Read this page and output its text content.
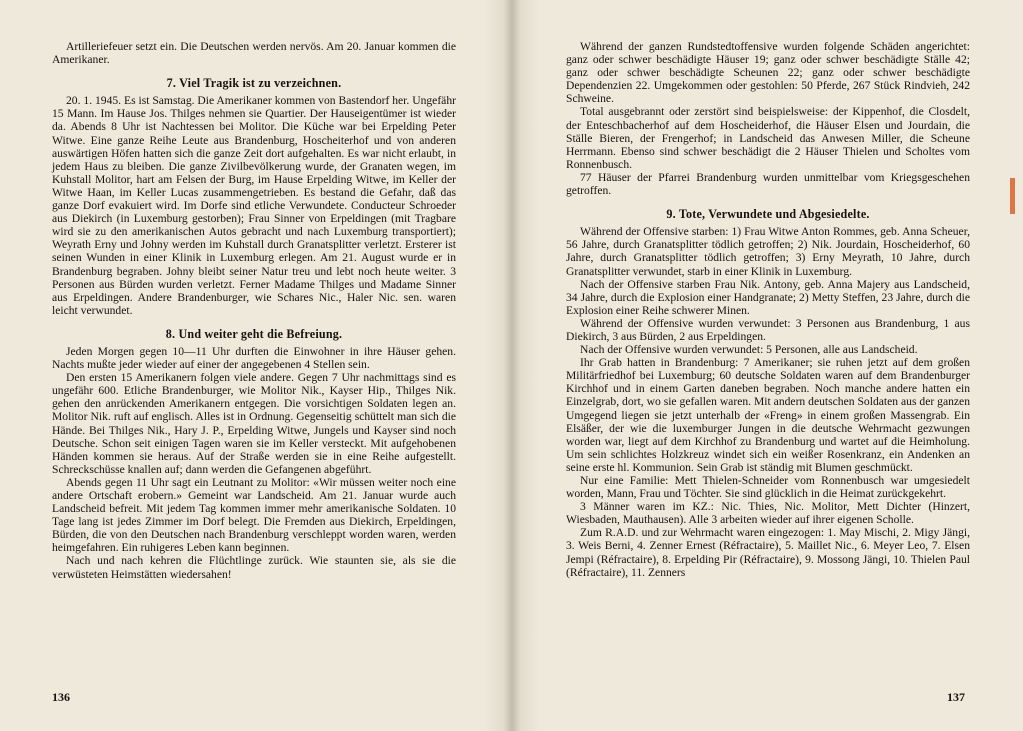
Artilleriefeuer setzt ein. Die Deutschen werden nervös. Am 20. Januar kommen die Amerikaner.

7. Viel Tragik ist zu verzeichnen.

20. 1. 1945. Es ist Samstag. Die Amerikaner kommen von Bastendorf her. Ungefähr 15 Mann. Im Hause Jos. Thilges nehmen sie Quartier. Der Hauseigentümer ist wieder da. Abends 8 Uhr ist Nachtessen bei Molitor. Die Küche war bei Erpelding Peter Witwe. Eine ganze Reihe Leute aus Brandenburg, Hoscheiterhof und von anderen auswärtigen Höfen hatten sich die ganze Zeit dort aufgehalten. Es war nicht erlaubt, in jedem Haus zu bleiben. Die ganze Zivilbevölkerung wurde, der Granaten wegen, im Kuhstall Molitor, hart am Felsen der Burg, im Hause Erpelding Witwe, im Keller der Witwe Haan, im Keller Lucas zusammengetrieben. Es bestand die Gefahr, daß das ganze Dorf evakuiert wird. Im Dorfe sind etliche Verwundete. Conducteur Schroeder aus Diekirch (in Luxemburg gestorben); Frau Sinner von Erpeldingen (mit Tragbare wird sie zu den amerikanischen Autos gebracht und nach Luxemburg transportiert); Weyrath Erny und Johny werden im Kuhstall durch Granatsplitter verletzt. Ersterer ist seinen Wunden in einer Klinik in Luxemburg erlegen. Am 21. August wurde er in Brandenburg begraben. Johny bleibt seiner Natur treu und lebt noch heute weiter. 3 Personen aus Bürden wurden verletzt. Ferner Madame Thilges und Madame Sinner aus Erpeldingen. Andere Brandenburger, wie Schares Nic., Haler Nic. sen. waren leicht verwundet.

8. Und weiter geht die Befreiung.

Jeden Morgen gegen 10—11 Uhr durften die Einwohner in ihre Häuser gehen. Nachts mußte jeder wieder auf einer der angegebenen 4 Stellen sein.

Den ersten 15 Amerikanern folgen viele andere. Gegen 7 Uhr nachmittags sind es ungefähr 600. Etliche Brandenburger, wie Molitor Nik., Kayser Hip., Thilges Nik. gehen den anrückenden Amerikanern entgegen. Die vorsichtigen Soldaten legen an. Molitor Nik. ruft auf englisch. Alles ist in Ordnung. Gegenseitig schüttelt man sich die Hände. Bei Thilges Nik., Hary J. P., Erpelding Witwe, Jungels und Kayser sind noch Deutsche. Schon seit einigen Tagen waren sie im Keller versteckt. Mit aufgehobenen Händen kommen sie heraus. Auf der Straße werden sie in eine Reihe aufgestellt. Schreckschüsse knallen auf; dann werden die Gefangenen abgeführt.

Abends gegen 11 Uhr sagt ein Leutnant zu Molitor: «Wir müssen weiter noch eine andere Ortschaft erobern.» Gemeint war Landscheid. Am 21. Januar wurde auch Landscheid befreit. Mit jedem Tag kommen immer mehr amerikanische Soldaten. 10 Tage lang ist jedes Zimmer im Dorf belegt. Die Fremden aus Diekirch, Erpeldingen, Bürden, die von den Deutschen nach Brandenburg verschleppt worden waren, werden heimgefahren. Ein ruhigeres Leben kann beginnen.

Nach und nach kehren die Flüchtlinge zurück. Wie staunten sie, als sie die verwüsteten Heimstätten wiedersahen!

Während der ganzen Rundstedtoffensive wurden folgende Schäden angerichtet: ganz oder schwer beschädigte Häuser 19; ganz oder schwer beschädigte Ställe 42; ganz oder schwer beschädigte Scheunen 22; ganz oder schwer beschädigte Dependenzien 22. Umgekommen oder gestohlen: 50 Pferde, 267 Stück Rindvieh, 242 Schweine.

Total ausgebrannt oder zerstört sind beispielsweise: der Kippenhof, die Closdelt, der Enteschbacherhof auf dem Hoscheiderhof, die Häuser Elsen und Jourdain, die Ställe Bieren, der Frengerhof; in Landscheid das Anwesen Miller, die Scheune Herrmann. Ebenso sind schwer beschädigt die 2 Häuser Thielen und Scholtes vom Ronnenbusch.

77 Häuser der Pfarrei Brandenburg wurden unmittelbar vom Kriegsgeschehen getroffen.

9. Tote, Verwundete und Abgesiedelte.

Während der Offensive starben: 1) Frau Witwe Anton Rommes, geb. Anna Scheuer, 56 Jahre, durch Granatsplitter tödlich getroffen; 2) Nik. Jourdain, Hoscheiderhof, 60 Jahre, durch Granatsplitter tödlich getroffen; 3) Erny Meyrath, 10 Jahre, durch Granatsplitter verwundet, starb in einer Klinik in Luxemburg.

Nach der Offensive starben Frau Nik. Antony, geb. Anna Majery aus Landscheid, 34 Jahre, durch die Explosion einer Handgranate; 2) Metty Steffen, 23 Jahre, durch die Explosion einer Reihe schwerer Minen.

Während der Offensive wurden verwundet: 3 Personen aus Brandenburg, 1 aus Diekirch, 3 aus Bürden, 2 aus Erpeldingen.

Nach der Offensive wurden verwundet: 5 Personen, alle aus Landscheid.

Ihr Grab hatten in Brandenburg: 7 Amerikaner; sie ruhen jetzt auf dem großen Militärfriedhof bei Luxemburg; 60 deutsche Soldaten waren auf dem Brandenburger Kirchhof und in einem Garten daneben begraben. Noch manche andere hatten ein Einzelgrab, dort, wo sie gefallen waren. Mit andern deutschen Soldaten aus der ganzen Umgegend liegen sie jetzt unterhalb der «Freng» in einem großen Massengrab. Ein Elsäßer, der wie die luxemburger Jungen in die deutsche Wehrmacht gezwungen worden war, liegt auf dem Kirchhof zu Brandenburg und wartet auf die Heimholung. Um sein schlichtes Holzkreuz windet sich ein weißer Rosenkranz, ein Andenken an seine erste hl. Kommunion. Sein Grab ist ständig mit Blumen geschmückt.

Nur eine Familie: Mett Thielen-Schneider vom Ronnenbusch war umgesiedelt worden, Mann, Frau und Töchter. Sie sind glücklich in die Heimat zurückgekehrt.

3 Männer waren im KZ.: Nic. Thies, Nic. Molitor, Mett Dichter (Hinzert, Wiesbaden, Mauthausen). Alle 3 arbeiten wieder auf ihrer eigenen Scholle.

Zum R.A.D. und zur Wehrmacht waren eingezogen: 1. May Mischi, 2. Migy Jängi, 3. Weis Berni, 4. Zenner Ernest (Réfractaire), 5. Maillet Nic., 6. Meyer Leo, 7. Elsen Jempi (Réfractaire), 8. Erpelding Pir (Réfractaire), 9. Mossong Jängi, 10. Thielen Paul (Réfractaire), 11. Zenners

136	137
